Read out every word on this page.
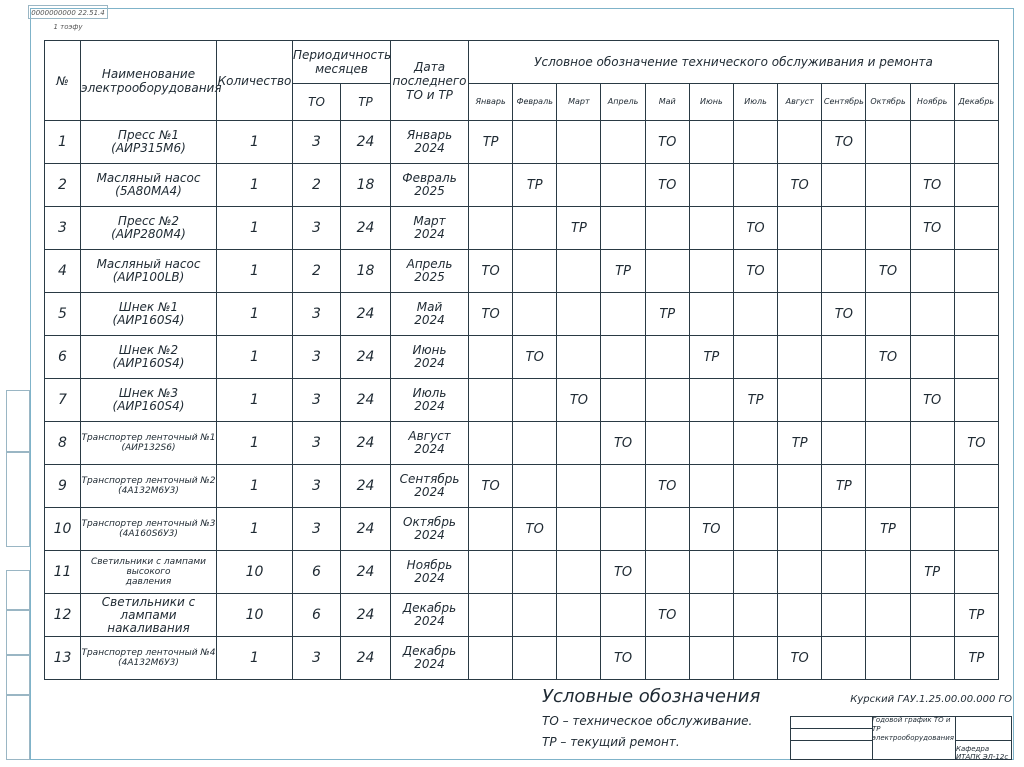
0000000000 22.51.4 1 тоэфу
№	Наименование электрооборудования	Количество	Периодичность месяцев		Дата последнего ТО и ТР	Условное обозначение технического обслуживания и ремонта											
			ТО	ТР		Январь	Февраль	Март	Апрель	Май	Июнь	Июль	Август	Сентябрь	Октябрь	Ноябрь	Декабрь
1	Пресс №1
(АИР315М6)	1	3	24	Январь
2024	ТР				ТО				ТО			
2	Масляный насос
(5А80МА4)	1	2	18	Февраль
2025		ТР			ТО			ТО			ТО	
3	Пресс №2
(АИР280М4)	1	3	24	Март
2024			ТР				ТО				ТО	
4	Масляный насос
(АИР100LB)	1	2	18	Апрель
2025	ТО			ТР			ТО			ТО		
5	Шнек №1
(АИР160S4)	1	3	24	Май
2024	ТО				ТР				ТО			
6	Шнек №2
(АИР160S4)	1	3	24	Июнь
2024		ТО				ТР				ТО		
7	Шнек №3
(АИР160S4)	1	3	24	Июль
2024			ТО				ТР				ТО	
8	Транспортер ленточный №1
(АИР132S6)	1	3	24	Август
2024				ТО				ТР				ТО
9	Транспортер ленточный №2
(4А132М6У3)	1	3	24	Сентябрь
2024	ТО				ТО				ТР			
10	Транспортер ленточный №3
(4А160S6У3)	1	3	24	Октябрь
2024		ТО				ТО				ТР		
11	Светильники с лампами высокого
давления	10	6	24	Ноябрь
2024				ТО							ТР	
12	Светильники с
лампами накаливания	10	6	24	Декабрь
2024					ТО							ТР
13	Транспортер ленточный №4
(4А132М6У3)	1	3	24	Декабрь
2024				ТО				ТО				ТР
Условные обозначения
ТО – техническое обслуживание.
ТР – текущий ремонт.
Курский ГАУ.1.25.00.00.000 ГО
Годовой график ТО и ТР электрооборудования
Кафедра ИТАПК ЭЛ-12с
